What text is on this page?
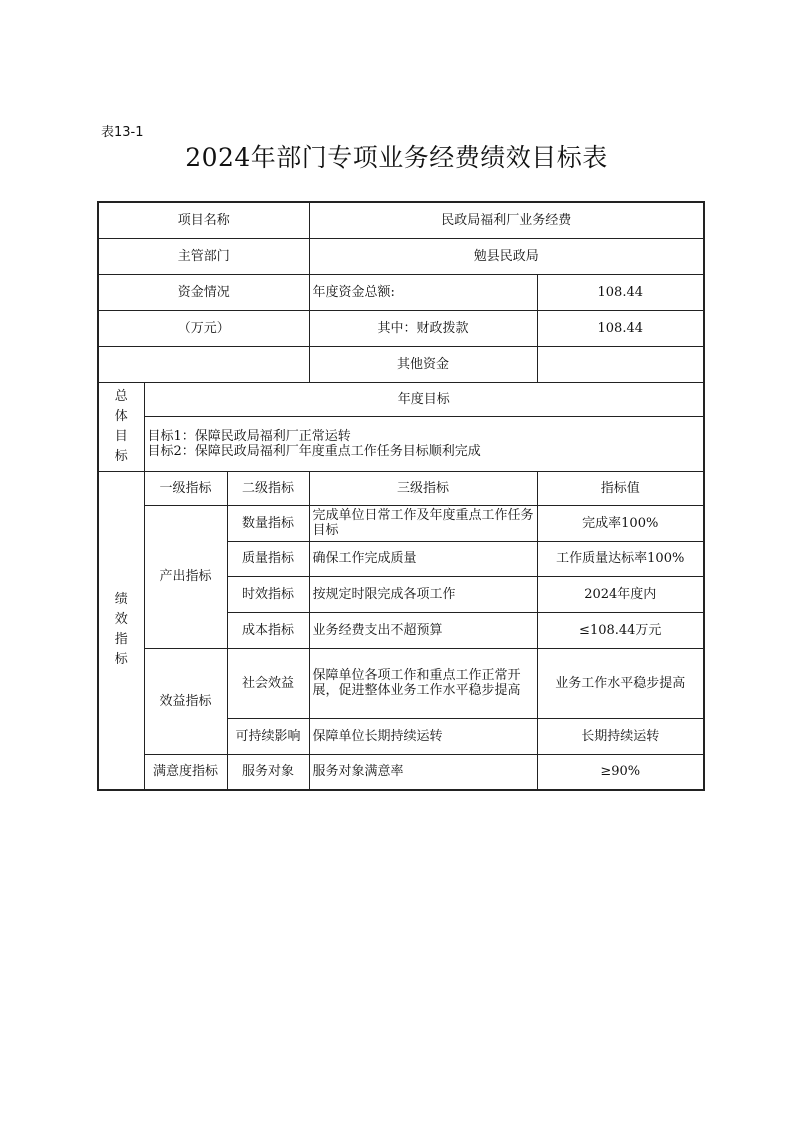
表13-1
2024年部门专项业务经费绩效目标表
项目名称			民政局福利厂业务经费	
主管部门			勉县民政局	
资金情况			年度资金总额:	108.44
（万元）			其中：财政拨款	108.44
			其他资金	

总
体
目
标	年度目标			

	目标1：保障民政局福利厂正常运转
目标2：保障民政局福利厂年度重点工作任务目标顺利完成			

绩
效
指
标	一级指标	二级指标	三级指标	指标值
	产出指标	数量指标	完成单位日常工作及年度重点工作任务目标	完成率100%
		质量指标	确保工作完成质量	工作质量达标率100%
		时效指标	按规定时限完成各项工作	2024年度内
		成本指标	业务经费支出不超预算	≤108.44万元
	效益指标	社会效益	保障单位各项工作和重点工作正常开展，促进整体业务工作水平稳步提高	业务工作水平稳步提高
		可持续影响	保障单位长期持续运转	长期持续运转
	满意度指标	服务对象	服务对象满意率	≥90%
